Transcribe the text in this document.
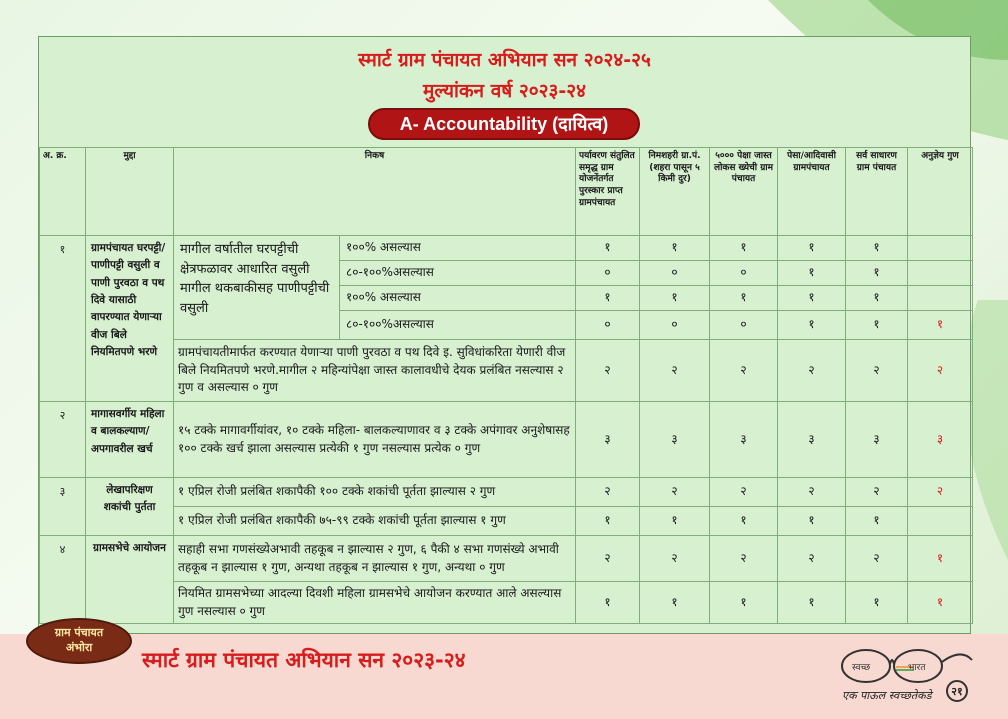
स्मार्ट ग्राम पंचायत अभियान सन २०२४-२५
मुल्यांकन वर्ष २०२३-२४
A- Accountability (दायित्व)
अ. क्र.	मुद्दा	निकष		पर्यावरण संतुलित समृद्ध ग्राम योजनेंतर्गत पुरस्कार प्राप्त ग्रामपंचायत	निमशहरी ग्रा.पं. (शहरा पासून ५ किमी दुर)	५००० पेक्षा जास्त लोकस ख्येची ग्राम पंचायत	पेसा/आदिवासी ग्रामपंचायत	सर्व साधारण ग्राम पंचायत	अनुज्ञेय गुण
१	ग्रामपंचायत घरपट्टी/पाणीपट्टी वसुली व पाणी पुरवठा व पथ दिवे यासाठी वापरण्यात येणाऱ्या वीज बिले नियमितपणे भरणे	मागील वर्षातील घरपट्टीची क्षेत्रफळावर आधारित वसुली मागील थकबाकीसह पाणीपट्टीची वसुली	१००% असल्यास	१	१	१	१	१	
			८०-१००%असल्यास	०	०	०	१	१	
			१००% असल्यास	१	१	१	१	१	
			८०-१००%असल्यास	०	०	०	१	१	१
		ग्रामपंचायतीमार्फत करण्यात येणाऱ्या पाणी पुरवठा व पथ दिवे इ. सुविधांकरिता येणारी वीज बिले नियमितपणे भरणे.मागील २ महिन्यांपेक्षा जास्त कालावधीचे देयक प्रलंबित नसल्यास २ गुण व असल्यास ० गुण		२	२	२	२	२	२
२	मागासवर्गीय महिला व बालकल्याण/ अपगावरील खर्च	१५ टक्के मागावर्गीयांवर, १० टक्के महिला- बालकल्याणावर व ३ टक्के अपंगावर अनुशेषासह १०० टक्के खर्च झाला असल्यास प्रत्येकी १ गुण नसल्यास प्रत्येक ० गुण		३	३	३	३	३	३
३	लेखापरिक्षण शकांची पुर्तता	१ एप्रिल रोजी प्रलंबित शकापैकी १०० टक्के शकांची पूर्तता झाल्यास २ गुण		२	२	२	२	२	२
		१ एप्रिल रोजी प्रलंबित शकापैकी ७५-९९ टक्के शकांची पूर्तता झाल्यास १ गुण		१	१	१	१	१	
४	ग्रामसभेचे आयोजन	सहाही सभा गणसंख्येअभावी तहकूब न झाल्यास २ गुण, ६ पैकी ४ सभा गणसंख्ये अभावी तहकूब न झाल्यास १ गुण, अन्यथा तहकूब न झाल्यास १ गुण, अन्यथा ० गुण		२	२	२	२	२	१
		नियमित ग्रामसभेच्या आदल्या दिवशी महिला ग्रामसभेचे आयोजन करण्यात आले असल्यास गुण नसल्यास ० गुण		१	१	१	१	१	१
स्मार्ट ग्राम पंचायत अभियान सन २०२३-२४
ग्राम पंचायत
अंभोरा
स्वच्छ	भारत
एक पाऊल स्वच्छतेकडे	२१
